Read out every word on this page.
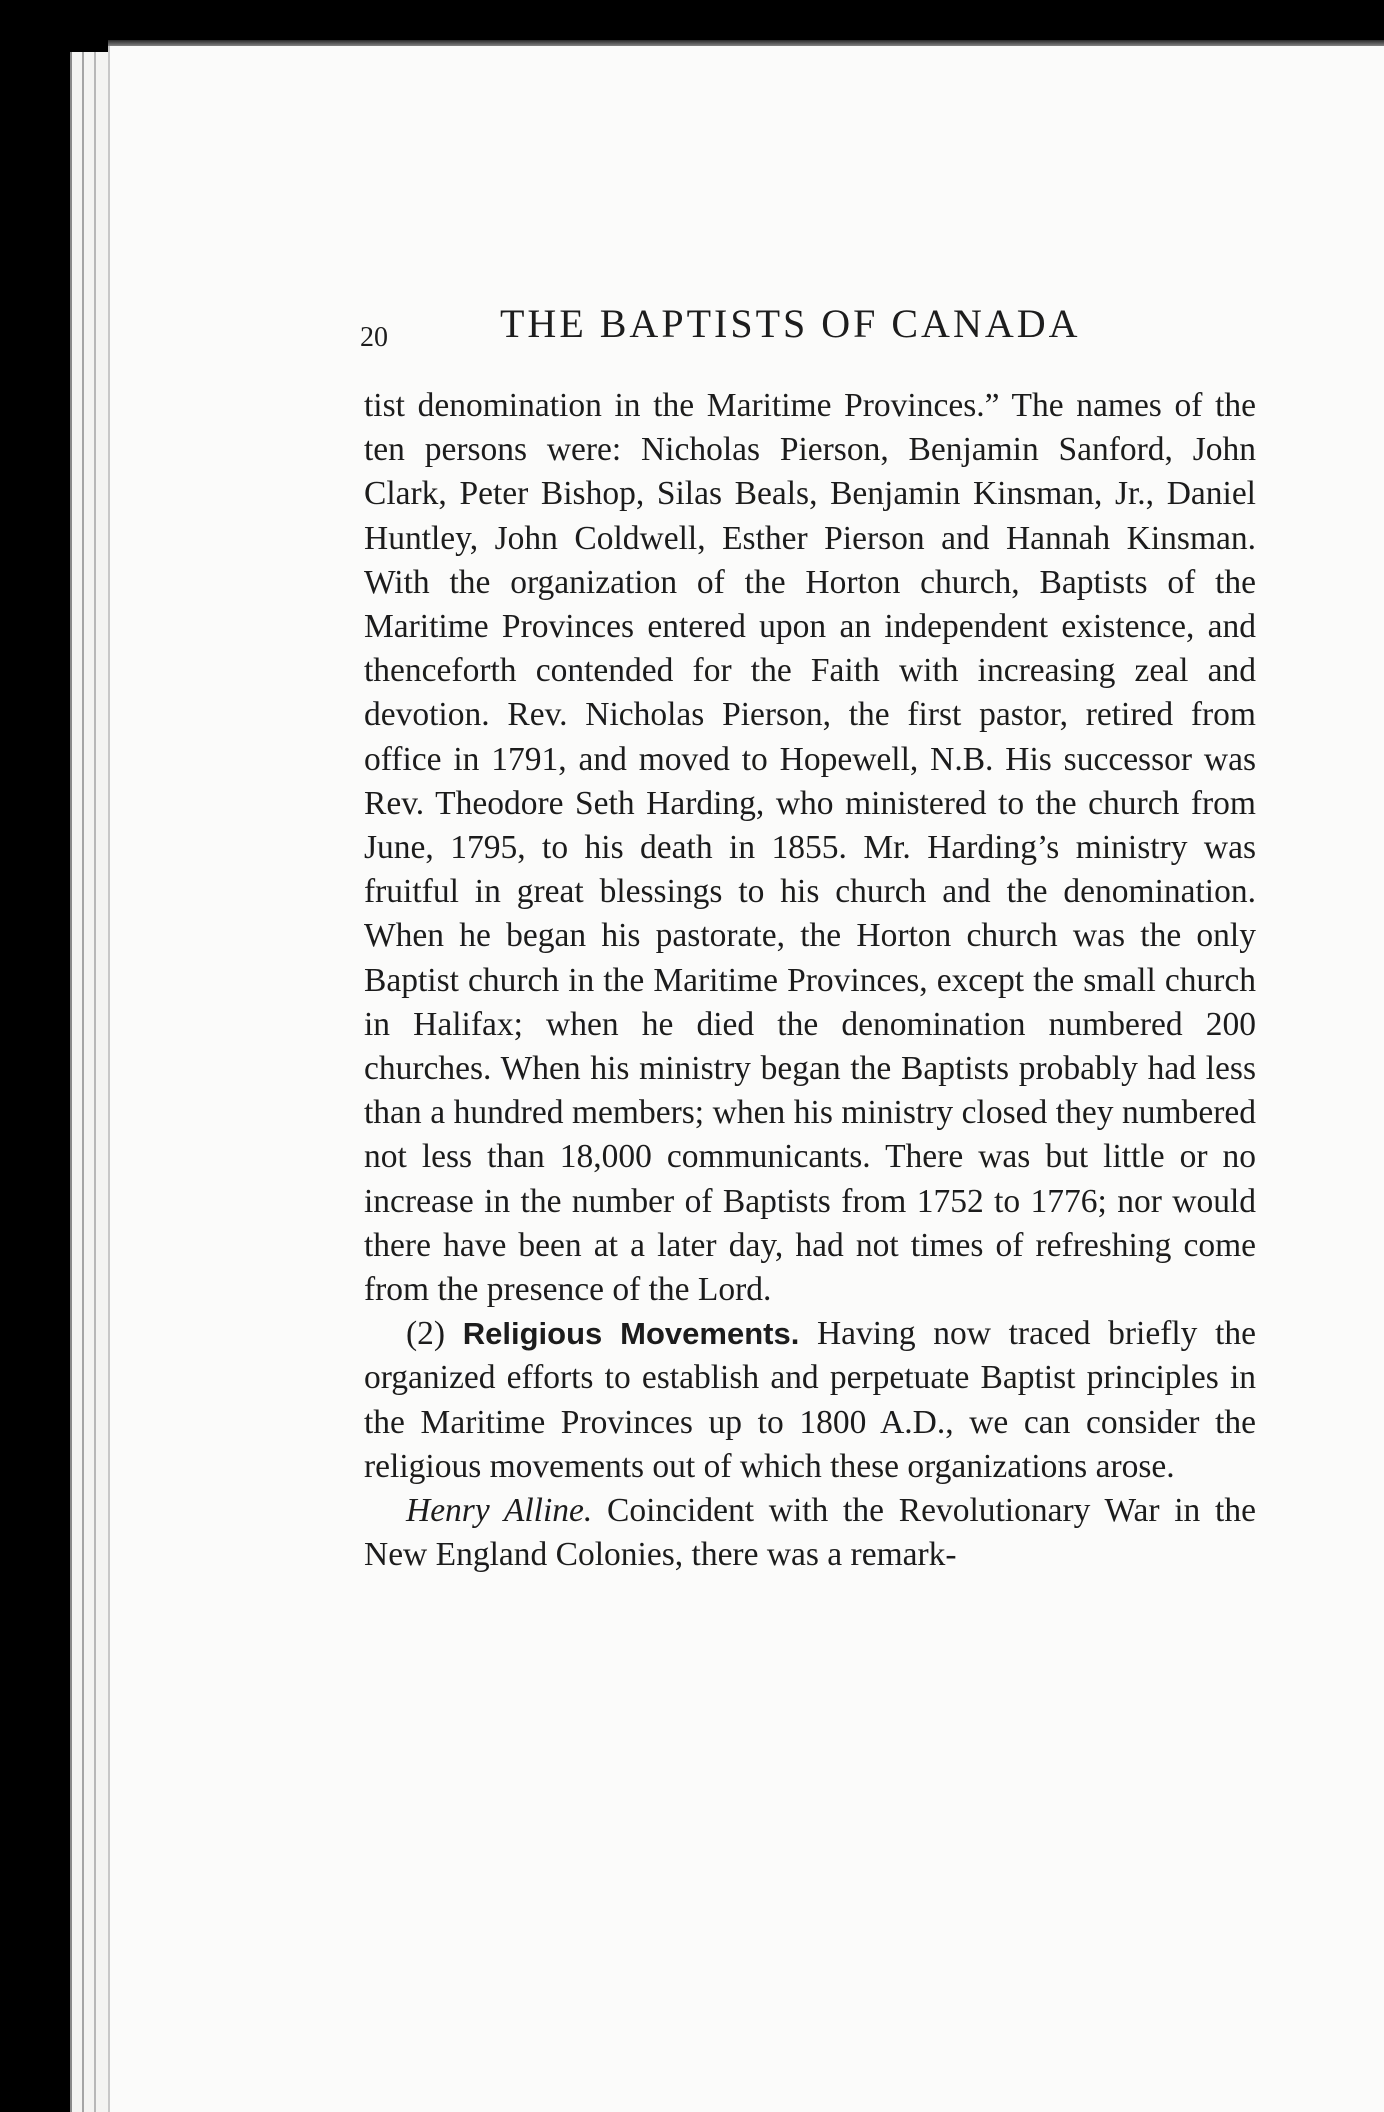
20	THE BAPTISTS OF CANADA

tist denomination in the Maritime Provinces.” The names of the ten persons were: Nicholas Pierson, Benjamin Sanford, John Clark, Peter Bishop, Silas Beals, Benjamin Kinsman, Jr., Daniel Huntley, John Coldwell, Esther Pierson and Hannah Kinsman. With the organization of the Horton church, Baptists of the Maritime Provinces entered upon an independent existence, and thenceforth contended for the Faith with increasing zeal and devotion. Rev. Nicholas Pierson, the first pastor, retired from office in 1791, and moved to Hopewell, N.B. His successor was Rev. Theodore Seth Harding, who ministered to the church from June, 1795, to his death in 1855. Mr. Harding’s ministry was fruitful in great blessings to his church and the denomination. When he began his pastorate, the Horton church was the only Baptist church in the Maritime Provinces, except the small church in Halifax; when he died the denomination numbered 200 churches. When his ministry began the Baptists probably had less than a hundred members; when his ministry closed they numbered not less than 18,000 communicants. There was but little or no increase in the number of Baptists from 1752 to 1776; nor would there have been at a later day, had not times of refreshing come from the presence of the Lord.

(2) Religious Movements. Having now traced briefly the organized efforts to establish and perpetuate Baptist principles in the Maritime Provinces up to 1800 A.D., we can consider the religious movements out of which these organizations arose.

Henry Alline. Coincident with the Revolutionary War in the New England Colonies, there was a remark-
